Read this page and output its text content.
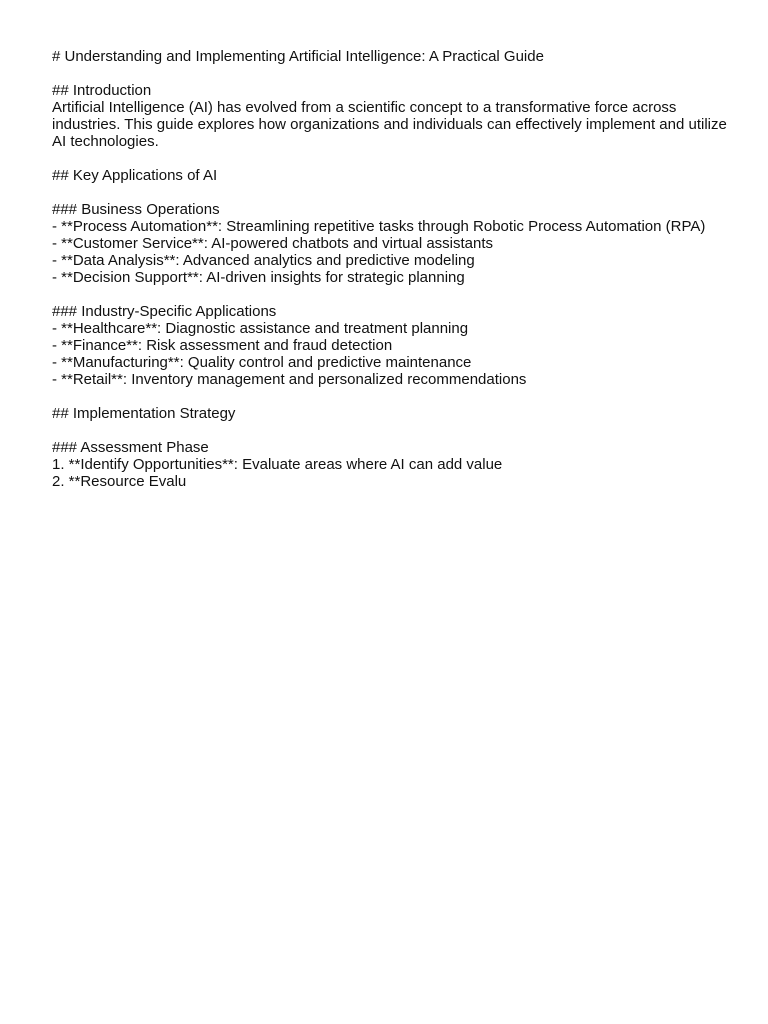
# Understanding and Implementing Artificial Intelligence: A Practical Guide

## Introduction

Artificial Intelligence (AI) has evolved from a scientific concept to a transformative force across industries. This guide explores how organizations and individuals can effectively implement and utilize AI technologies.

## Key Applications of AI

### Business Operations

- **Process Automation**: Streamlining repetitive tasks through Robotic Process Automation (RPA)

- **Customer Service**: AI-powered chatbots and virtual assistants

- **Data Analysis**: Advanced analytics and predictive modeling

- **Decision Support**: AI-driven insights for strategic planning

### Industry-Specific Applications

- **Healthcare**: Diagnostic assistance and treatment planning

- **Finance**: Risk assessment and fraud detection

- **Manufacturing**: Quality control and predictive maintenance

- **Retail**: Inventory management and personalized recommendations

## Implementation Strategy

### Assessment Phase

1. **Identify Opportunities**: Evaluate areas where AI can add value

2. **Resource Evalu
